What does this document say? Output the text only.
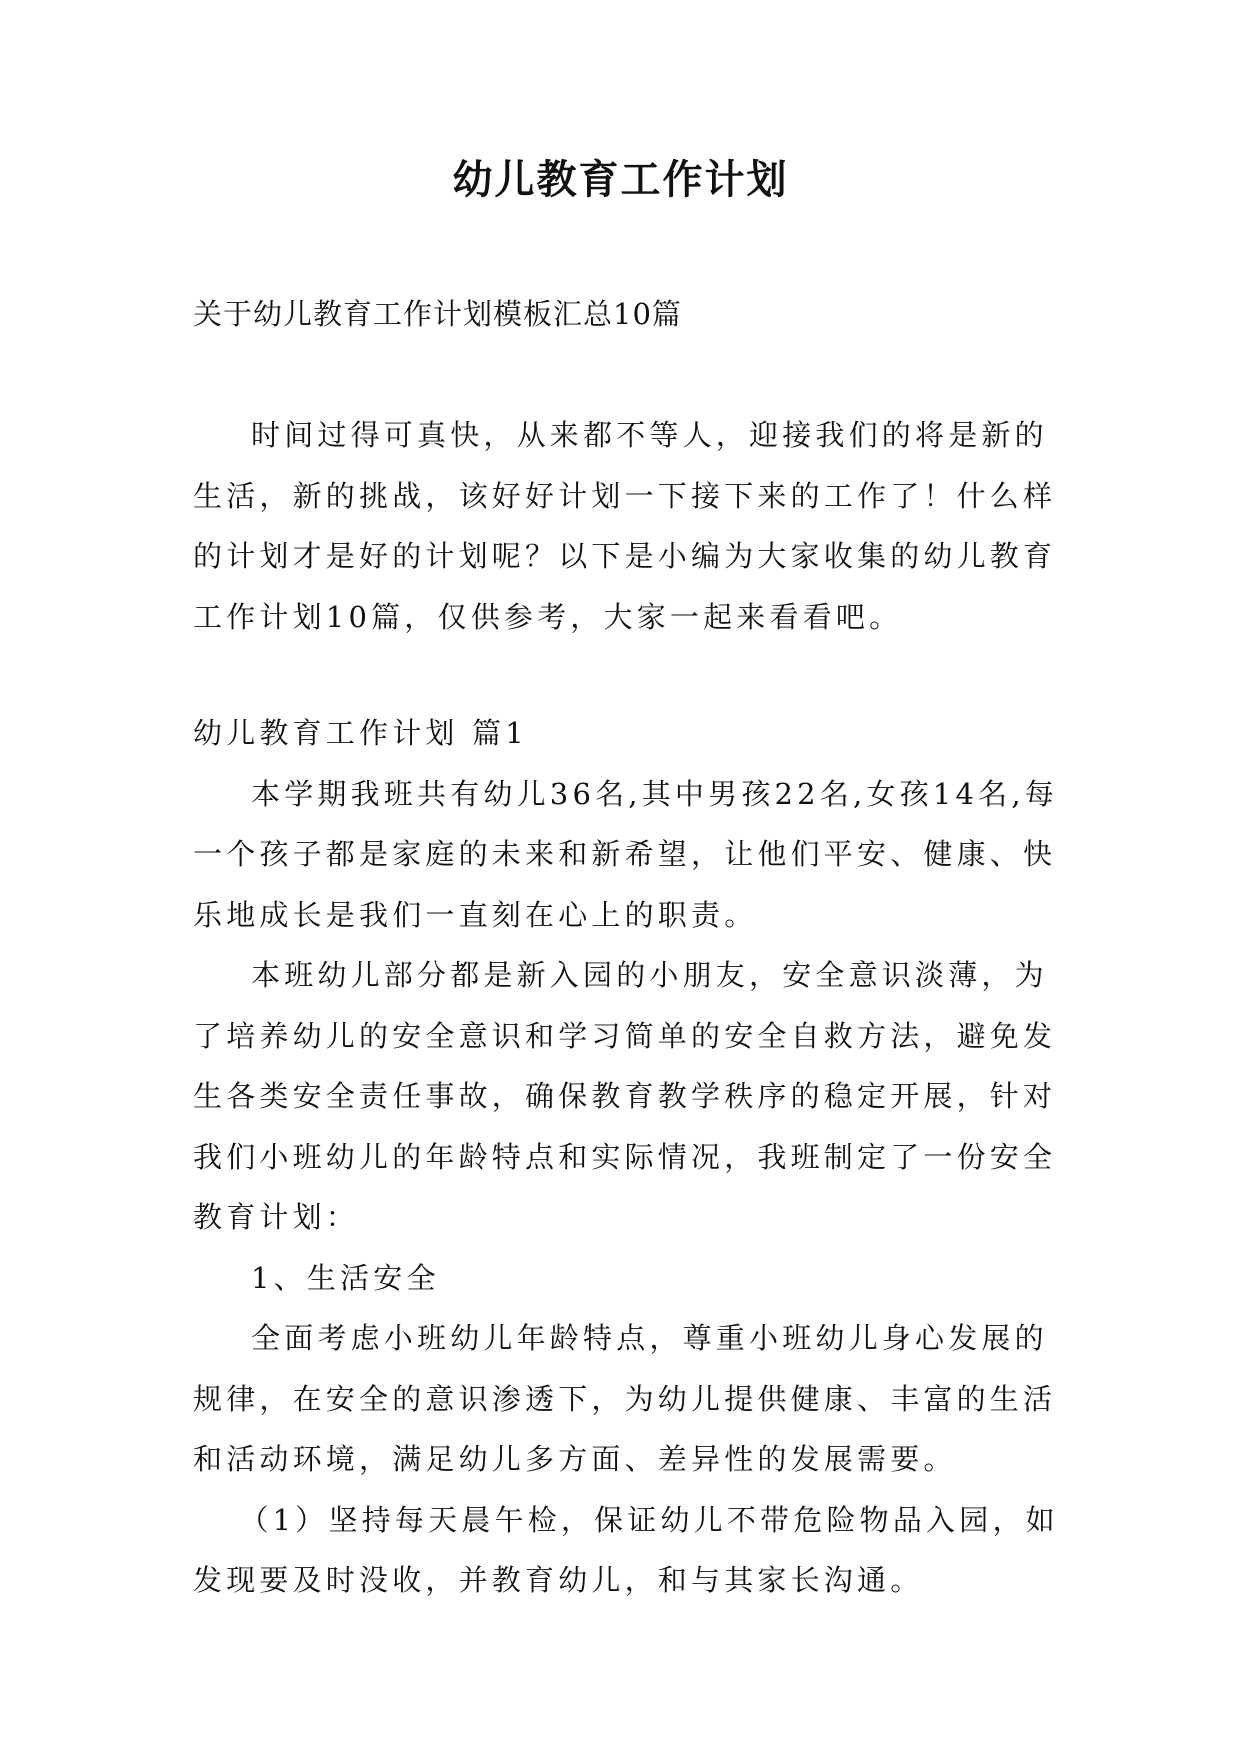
幼儿教育工作计划
关于幼儿教育工作计划模板汇总10篇

时间过得可真快，从来都不等人，迎接我们的将是新的生活，新的挑战，该好好计划一下接下来的工作了！什么样的计划才是好的计划呢？以下是小编为大家收集的幼儿教育工作计划10篇，仅供参考，大家一起来看看吧。

幼儿教育工作计划 篇1

本学期我班共有幼儿36名,其中男孩22名,女孩14名,每一个孩子都是家庭的未来和新希望，让他们平安、健康、快乐地成长是我们一直刻在心上的职责。

本班幼儿部分都是新入园的小朋友，安全意识淡薄，为了培养幼儿的安全意识和学习简单的安全自救方法，避免发生各类安全责任事故，确保教育教学秩序的稳定开展，针对我们小班幼儿的年龄特点和实际情况，我班制定了一份安全教育计划：

1、生活安全

全面考虑小班幼儿年龄特点，尊重小班幼儿身心发展的规律，在安全的意识渗透下，为幼儿提供健康、丰富的生活和活动环境，满足幼儿多方面、差异性的发展需要。

（1）坚持每天晨午检，保证幼儿不带危险物品入园，如发现要及时没收，并教育幼儿，和与其家长沟通。
